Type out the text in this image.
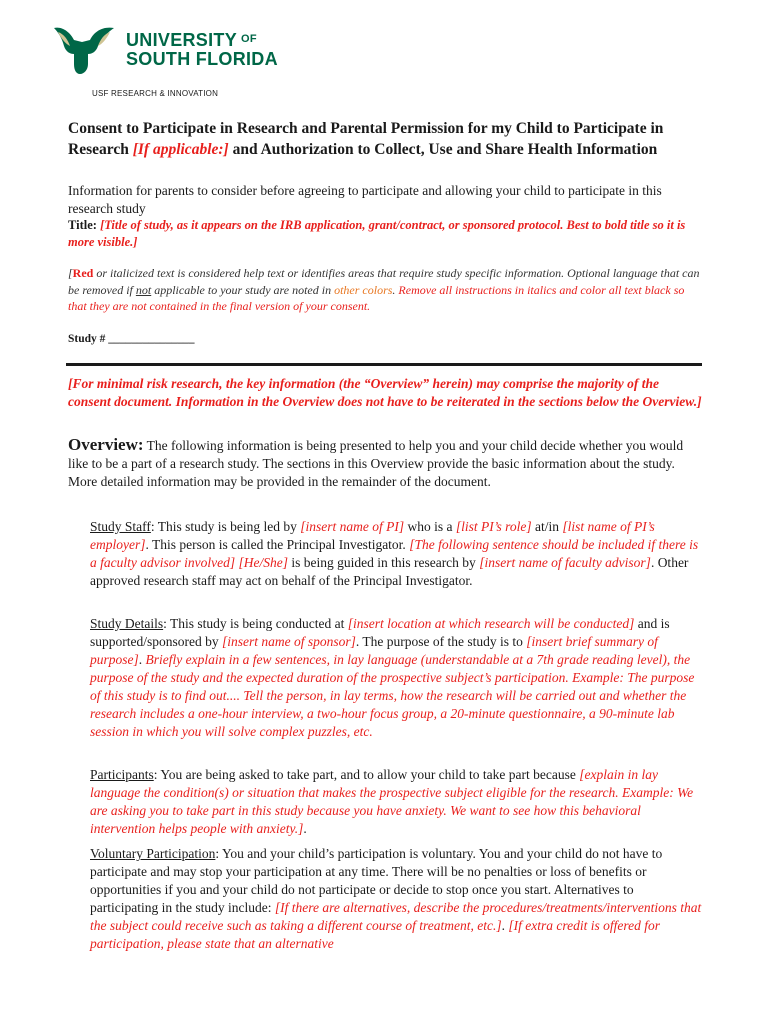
UNIVERSITY $^{OF}$
SOUTH FLORIDA
USF RESEARCH & INNOVATION
Consent to Participate in Research and Parental Permission for my Child to Participate in Research [If applicable:] and Authorization to Collect, Use and Share Health Information
Information for parents to consider before agreeing to participate and allowing your child to participate in this research study
Title: [Title of study, as it appears on the IRB application, grant/contract, or sponsored protocol. Best to bold title so it is more visible.]
[Red or italicized text is considered help text or identifies areas that require study specific information. Optional language that can be removed if not applicable to your study are noted in other colors. Remove all instructions in italics and color all text black so that they are not contained in the final version of your consent.
Study # _______________
[For minimal risk research, the key information (the “Overview” herein) may comprise the majority of the consent document. Information in the Overview does not have to be reiterated in the sections below the Overview.]
Overview: The following information is being presented to help you and your child decide whether you would like to be a part of a research study. The sections in this Overview provide the basic information about the study. More detailed information may be provided in the remainder of the document.
Study Staff: This study is being led by [insert name of PI] who is a [list PI’s role] at/in [list name of PI’s employer]. This person is called the Principal Investigator. [The following sentence should be included if there is a faculty advisor involved] [He/She] is being guided in this research by [insert name of faculty advisor]. Other approved research staff may act on behalf of the Principal Investigator.
Study Details: This study is being conducted at [insert location at which research will be conducted] and is supported/sponsored by [insert name of sponsor]. The purpose of the study is to [insert brief summary of purpose]. Briefly explain in a few sentences, in lay language (understandable at a 7th grade reading level), the purpose of the study and the expected duration of the prospective subject’s participation. Example: The purpose of this study is to find out.... Tell the person, in lay terms, how the research will be carried out and whether the research includes a one-hour interview, a two-hour focus group, a 20-minute questionnaire, a 90-minute lab session in which you will solve complex puzzles, etc.
Participants: You are being asked to take part, and to allow your child to take part because [explain in lay language the condition(s) or situation that makes the prospective subject eligible for the research. Example: We are asking you to take part in this study because you have anxiety. We want to see how this behavioral intervention helps people with anxiety.].
Voluntary Participation: You and your child’s participation is voluntary. You and your child do not have to participate and may stop your participation at any time. There will be no penalties or loss of benefits or opportunities if you and your child do not participate or decide to stop once you start. Alternatives to participating in the study include: [If there are alternatives, describe the procedures/treatments/interventions that the subject could receive such as taking a different course of treatment, etc.]. [If extra credit is offered for participation, please state that an alternative
